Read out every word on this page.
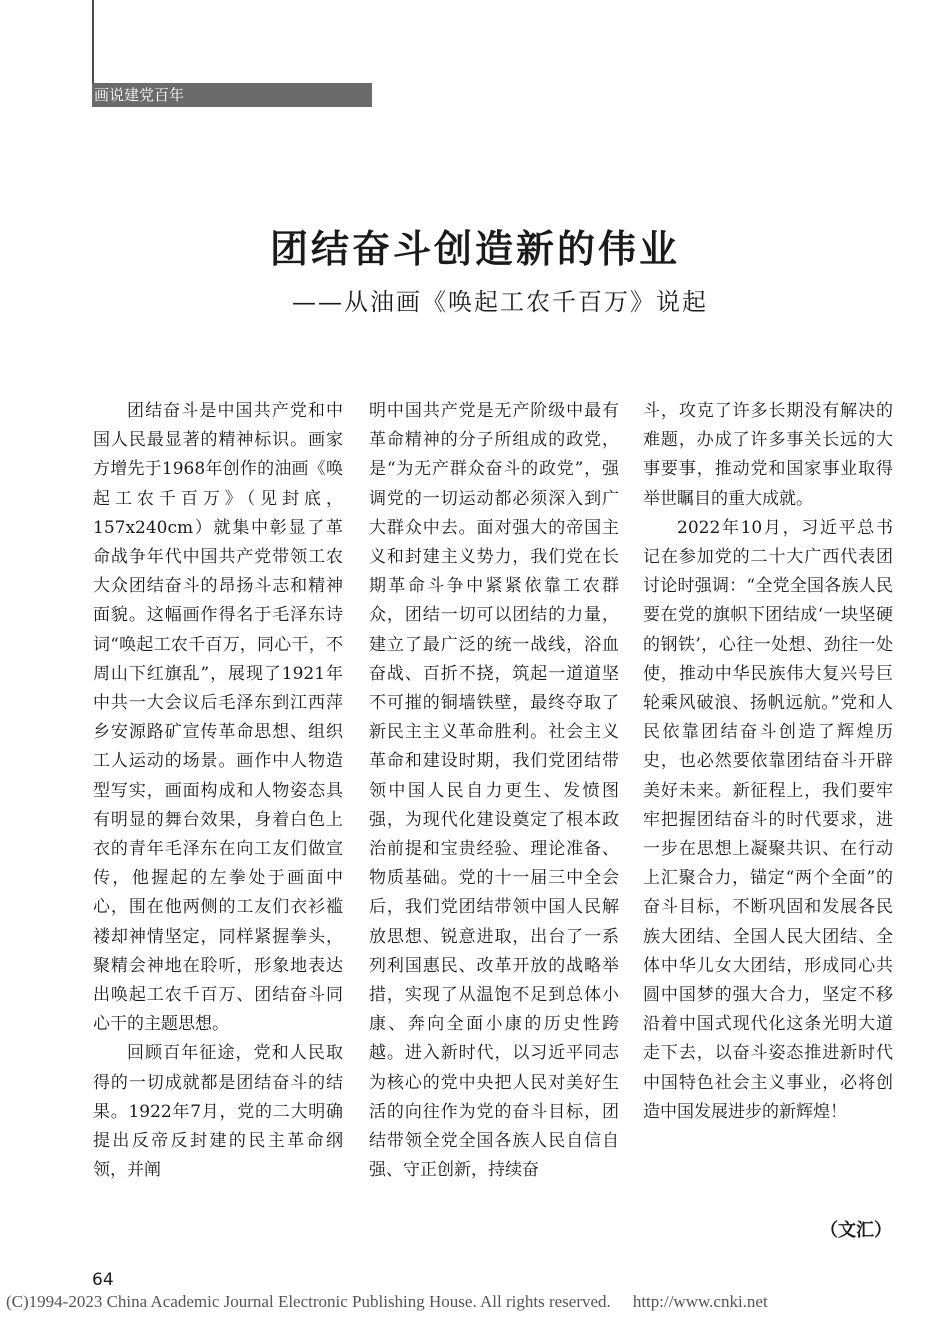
画说建党百年
团结奋斗创造新的伟业
——从油画《唤起工农千百万》说起

团结奋斗是中国共产党和中国人民最显著的精神标识。画家方增先于1968年创作的油画《唤起工农千百万》（见封底，157x240cm）就集中彰显了革命战争年代中国共产党带领工农大众团结奋斗的昂扬斗志和精神面貌。这幅画作得名于毛泽东诗词“唤起工农千百万，同心干，不周山下红旗乱”，展现了1921年中共一大会议后毛泽东到江西萍乡安源路矿宣传革命思想、组织工人运动的场景。画作中人物造型写实，画面构成和人物姿态具有明显的舞台效果，身着白色上衣的青年毛泽东在向工友们做宣传，他握起的左拳处于画面中心，围在他两侧的工友们衣衫褴褛却神情坚定，同样紧握拳头，聚精会神地在聆听，形象地表达出唤起工农千百万、团结奋斗同心干的主题思想。

回顾百年征途，党和人民取得的一切成就都是团结奋斗的结果。1922年7月，党的二大明确提出反帝反封建的民主革命纲领，并阐

明中国共产党是无产阶级中最有革命精神的分子所组成的政党，是“为无产群众奋斗的政党”，强调党的一切运动都必须深入到广大群众中去。面对强大的帝国主义和封建主义势力，我们党在长期革命斗争中紧紧依靠工农群众，团结一切可以团结的力量，建立了最广泛的统一战线，浴血奋战、百折不挠，筑起一道道坚不可摧的铜墙铁壁，最终夺取了新民主主义革命胜利。社会主义革命和建设时期，我们党团结带领中国人民自力更生、发愤图强，为现代化建设奠定了根本政治前提和宝贵经验、理论准备、物质基础。党的十一届三中全会后，我们党团结带领中国人民解放思想、锐意进取，出台了一系列利国惠民、改革开放的战略举措，实现了从温饱不足到总体小康、奔向全面小康的历史性跨越。进入新时代，以习近平同志为核心的党中央把人民对美好生活的向往作为党的奋斗目标，团结带领全党全国各族人民自信自强、守正创新，持续奋

斗，攻克了许多长期没有解决的难题，办成了许多事关长远的大事要事，推动党和国家事业取得举世瞩目的重大成就。

2022年10月，习近平总书记在参加党的二十大广西代表团讨论时强调：“全党全国各族人民要在党的旗帜下团结成‘一块坚硬的钢铁’，心往一处想、劲往一处使，推动中华民族伟大复兴号巨轮乘风破浪、扬帆远航。”党和人民依靠团结奋斗创造了辉煌历史，也必然要依靠团结奋斗开辟美好未来。新征程上，我们要牢牢把握团结奋斗的时代要求，进一步在思想上凝聚共识、在行动上汇聚合力，锚定“两个全面”的奋斗目标，不断巩固和发展各民族大团结、全国人民大团结、全体中华儿女大团结，形成同心共圆中国梦的强大合力，坚定不移沿着中国式现代化这条光明大道走下去，以奋斗姿态推进新时代中国特色社会主义事业，必将创造中国发展进步的新辉煌！

（文汇）
64
(C)1994-2023 China Academic Journal Electronic Publishing House. All rights reserved. http://www.cnki.net
